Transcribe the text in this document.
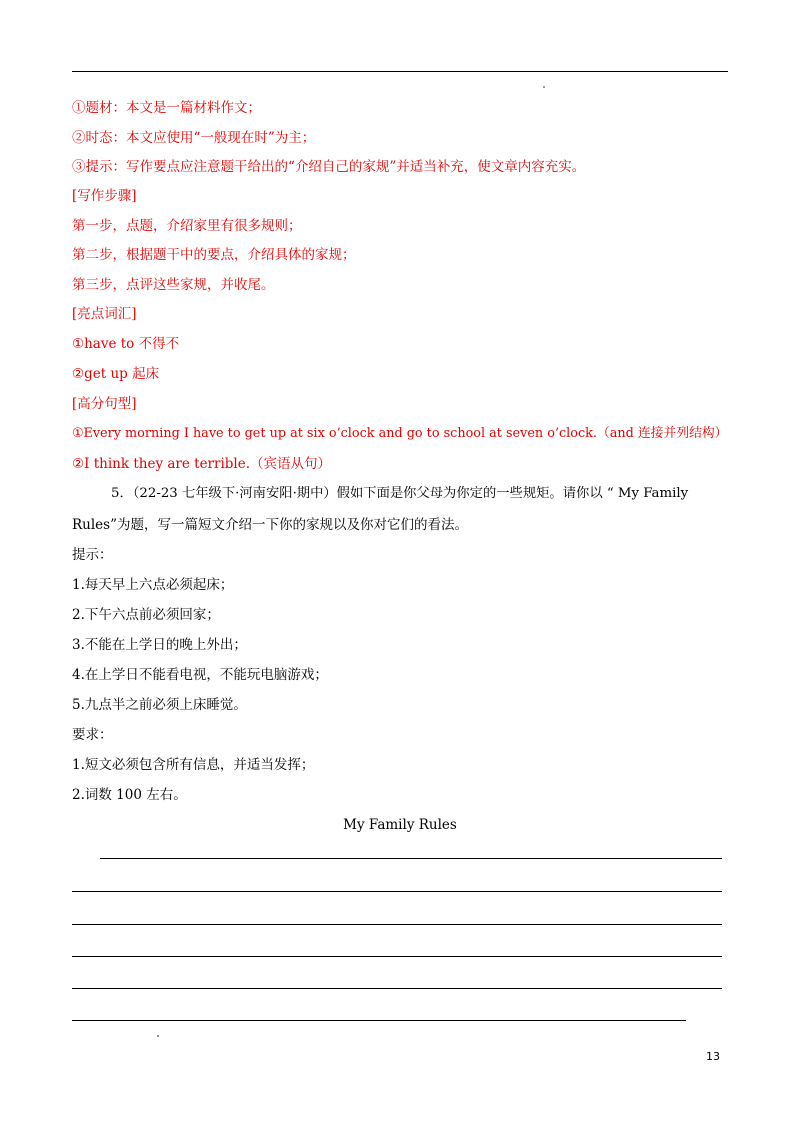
①题材：本文是一篇材料作文；
②时态：本文应使用“一般现在时”为主；
③提示：写作要点应注意题干给出的“介绍自己的家规”并适当补充，使文章内容充实。
[写作步骤]
第一步，点题，介绍家里有很多规则；
第二步，根据题干中的要点，介绍具体的家规；
第三步，点评这些家规，并收尾。
[亮点词汇]
①have to 不得不
②get up 起床
[高分句型]
①Every morning I have to get up at six o’clock and go to school at seven o’clock.（and 连接并列结构）
②I think they are terrible.（宾语从句）
5．（22-23 七年级下·河南安阳·期中）假如下面是你父母为你定的一些规矩。请你以 “ My Family
Rules”为题，写一篇短文介绍一下你的家规以及你对它们的看法。
提示：
1.每天早上六点必须起床；
2.下午六点前必须回家；
3.不能在上学日的晚上外出；
4.在上学日不能看电视，不能玩电脑游戏；
5.九点半之前必须上床睡觉。
要求：
1.短文必须包含所有信息，并适当发挥；
2.词数 100 左右。
My Family Rules
13
